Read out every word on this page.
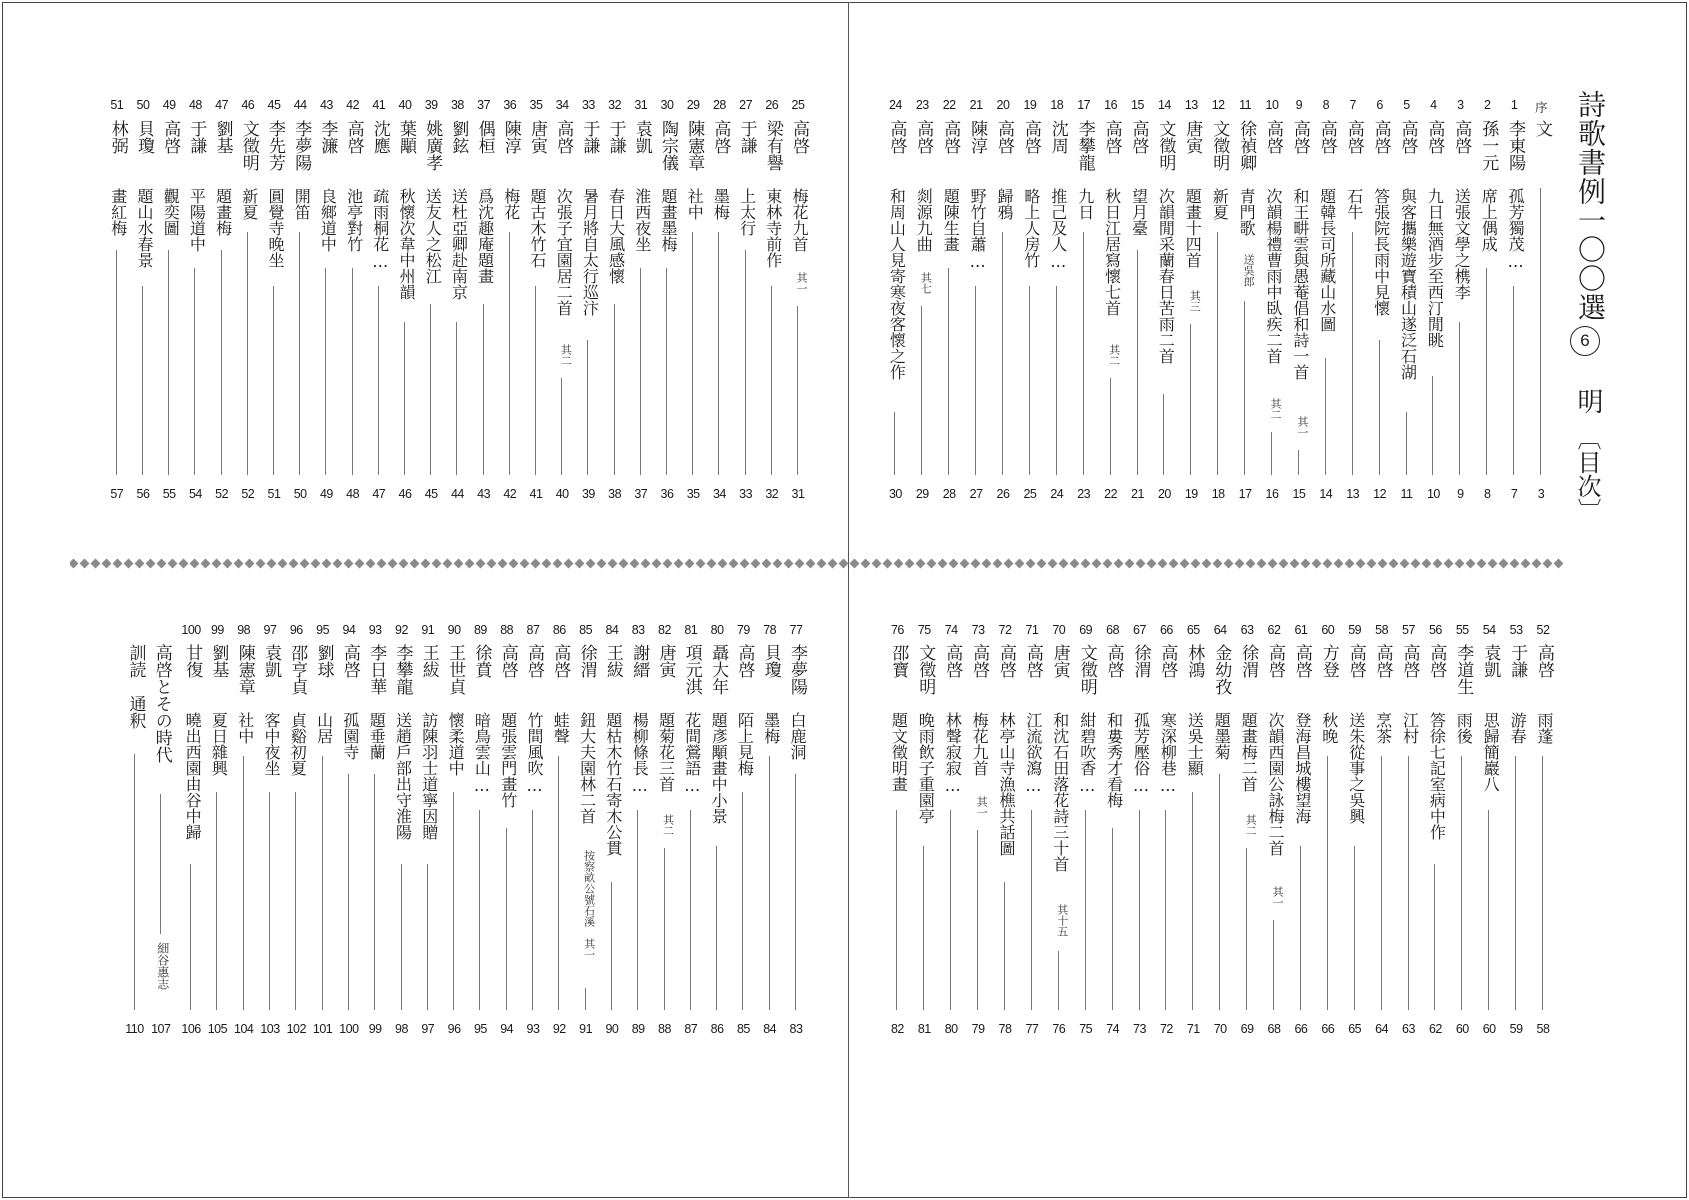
詩歌書例一〇〇選
6
明
〔目次〕
序
文
3
1
李東陽
孤芳獨茂…
7
2
孫一元
席上偶成
8
3
高啓
送張文學之槜李
9
4
高啓
九日無酒步至西汀閒眺
10
5
高啓
與客攜樂遊寶積山遂泛石湖
11
6
高啓
答張院長雨中見懷
12
7
高啓
石牛
13
8
高啓
題韓長司所藏山水圖
14
9
高啓
和王畊雲與愚菴倡和詩一首
其一
15
10
高啓
次韻楊禮曹雨中臥疾二首
其二
16
11
徐禎卿
青門歌
送吳郎
17
12
文徵明
新夏
18
13
唐寅
題畫十四首
其三
19
14
文徵明
次韻閒采蘭春日苦雨二首
20
15
高啓
望月臺
21
16
高啓
秋日江居寫懷七首
其二
22
17
李攀龍
九日
23
18
沈周
推己及人…
24
19
高啓
略上人房竹
25
20
高啓
歸鴉
26
21
陳淳
野竹自蕭…
27
22
高啓
題陳生畫
28
23
高啓
剡源九曲
其七
29
24
高啓
和周山人見寄寒夜客懷之作
30
25
高啓
梅花九首
其一
31
26
梁有譽
東林寺前作
32
27
于謙
上太行
33
28
高啓
墨梅
34
29
陳憲章
社中
35
30
陶宗儀
題畫墨梅
36
31
袁凱
淮西夜坐
37
32
于謙
春日大風感懷
38
33
于謙
暑月將自太行巡汴
39
34
高啓
次張子宜園居二首
其二
40
35
唐寅
題古木竹石
41
36
陳淳
梅花
42
37
偶桓
爲沈趣庵題畫
43
38
劉鉉
送杜亞卿赴南京
44
39
姚廣孝
送友人之松江
45
40
葉顒
秋懷次韋中州韻
46
41
沈應
疏雨桐花…
47
42
高啓
池亭對竹
48
43
李濂
良鄉道中
49
44
李夢陽
開笛
50
45
李先芳
圓覺寺晚坐
51
46
文徵明
新夏
52
47
劉基
題畫梅
52
48
于謙
平陽道中
54
49
高啓
觀奕圖
55
50
貝瓊
題山水春景
56
51
林弼
畫紅梅
57
52
高啓
雨蓬
58
53
于謙
游春
59
54
袁凱
思歸簡巖八
60
55
李道生
雨後
60
56
高啓
答徐七記室病中作
62
57
高啓
江村
63
58
高啓
烹茶
64
59
高啓
送朱從事之吳興
65
60
方登
秋晚
66
61
高啓
登海昌城樓望海
66
62
高啓
次韻西園公詠梅二首
其一
68
63
徐渭
題畫梅二首
其二
69
64
金幼孜
題墨菊
70
65
林鴻
送吳士顯
71
66
高啓
寒深柳巷…
72
67
徐渭
孤芳壓俗…
73
68
高啓
和婁秀才看梅
74
69
文徵明
紺碧吹香…
75
70
唐寅
和沈石田落花詩三十首
其十五
76
71
高啓
江流欲瀉…
77
72
高啓
林亭山寺漁樵共話圖
78
73
高啓
梅花九首
其一
79
74
高啓
林聲寂寂…
80
75
文徵明
晚雨飲子重園亭
81
76
邵寶
題文徵明畫
82
77
李夢陽
白鹿洞
83
78
貝瓊
墨梅
84
79
高啓
陌上見梅
85
80
聶大年
題彥顒畫中小景
86
81
項元淇
花間鶯語…
87
82
唐寅
題菊花三首
其二
88
83
謝縉
楊柳條長…
89
84
王紱
題枯木竹石寄木公貫
90
85
徐渭
鈕大夫園林二首
按察畝公號石溪　其一
91
86
高啓
蛙聲
92
87
高啓
竹間風吹…
93
88
高啓
題張雲門畫竹
94
89
徐賁
暗鳥雲山…
95
90
王世貞
懷柔道中
96
91
王紱
訪陳羽士道寧因贈
97
92
李攀龍
送趙戶部出守淮陽
98
93
李日華
題垂蘭
99
94
高啓
孤園寺
100
95
劉球
山居
101
96
邵亨貞
貞谿初夏
102
97
袁凱
客中夜坐
103
98
陳憲章
社中
104
99
劉基
夏日雜興
105
100
甘復
曉出西園由谷中歸
106
高啓とその時代
細谷惠志
107
訓読　通釈
110
